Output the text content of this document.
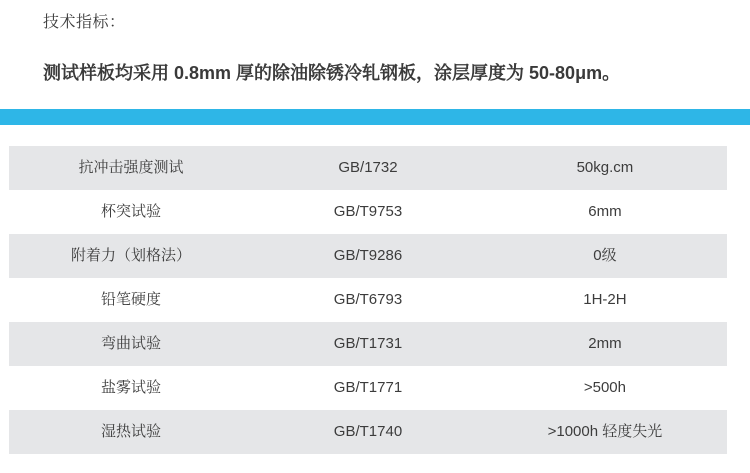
技术指标：
测试样板均采用 0.8mm 厚的除油除锈冷轧钢板，涂层厚度为 50-80μm。
抗冲击强度测试	GB/1732	50kg.cm
杯突试验	GB/T9753	6mm
附着力（划格法）	GB/T9286	0级
铅笔硬度	GB/T6793	1H-2H
弯曲试验	GB/T1731	2mm
盐雾试验	GB/T1771	>500h
湿热试验	GB/T1740	>1000h 轻度失光
